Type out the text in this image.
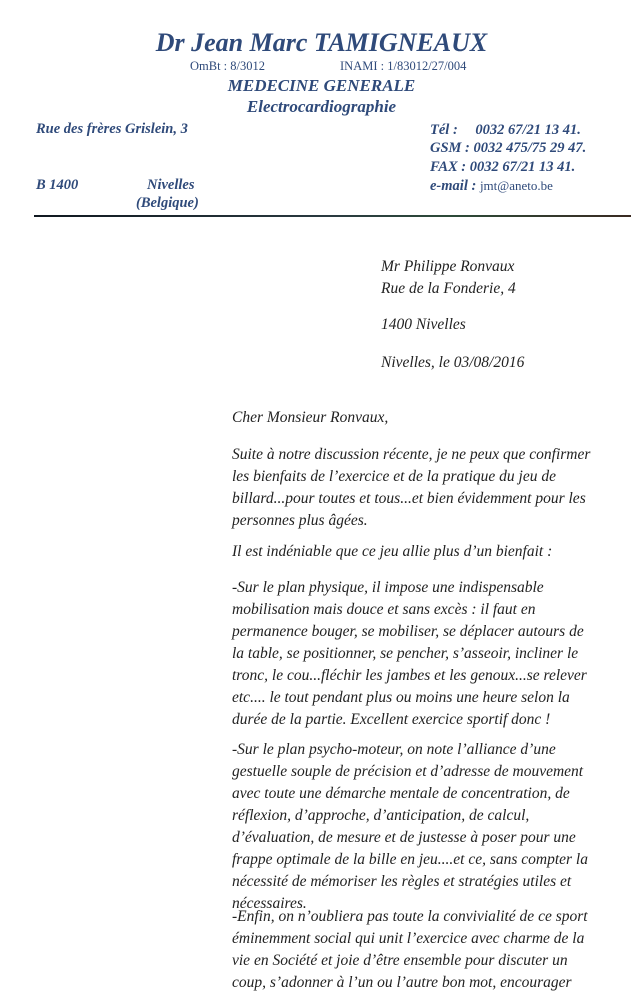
Dr Jean Marc TAMIGNEAUX
OmBt : 8/3012	INAMI : 1/83012/27/004
MEDECINE GENERALE
Electrocardiographie
Rue des frères Grislein, 3
B 1400	Nivelles
(Belgique)
Tél : 0032 67/21 13 41.
GSM : 0032 475/75 29 47.
FAX : 0032 67/21 13 41.
e-mail : jmt@aneto.be
Mr Philippe Ronvaux
Rue de la Fonderie, 4
1400 Nivelles
Nivelles, le 03/08/2016
Cher Monsieur Ronvaux,
Suite à notre discussion récente, je ne peux que confirmer
les bienfaits de l’exercice et de la pratique du jeu de
billard...pour toutes et tous...et bien évidemment pour les
personnes plus âgées.
Il est indéniable que ce jeu allie plus d’un bienfait :
-Sur le plan physique, il impose une indispensable
mobilisation mais douce et sans excès : il faut en
permanence bouger, se mobiliser, se déplacer autours de
la table, se positionner, se pencher, s’asseoir, incliner le
tronc, le cou...fléchir les jambes et les genoux...se relever
etc.... le tout pendant plus ou moins une heure selon la
durée de la partie. Excellent exercice sportif donc !
-Sur le plan psycho-moteur, on note l’alliance d’une
gestuelle souple de précision et d’adresse de mouvement
avec toute une démarche mentale de concentration, de
réflexion, d’approche, d’anticipation, de calcul,
d’évaluation, de mesure et de justesse à poser pour une
frappe optimale de la bille en jeu....et ce, sans compter la
nécessité de mémoriser les règles et stratégies utiles et
nécessaires.
-Enfin, on n’oubliera pas toute la convivialité de ce sport
éminemment social qui unit l’exercice avec charme de la
vie en Société et joie d’être ensemble pour discuter un
coup, s’adonner à l’un ou l’autre bon mot, encourager
